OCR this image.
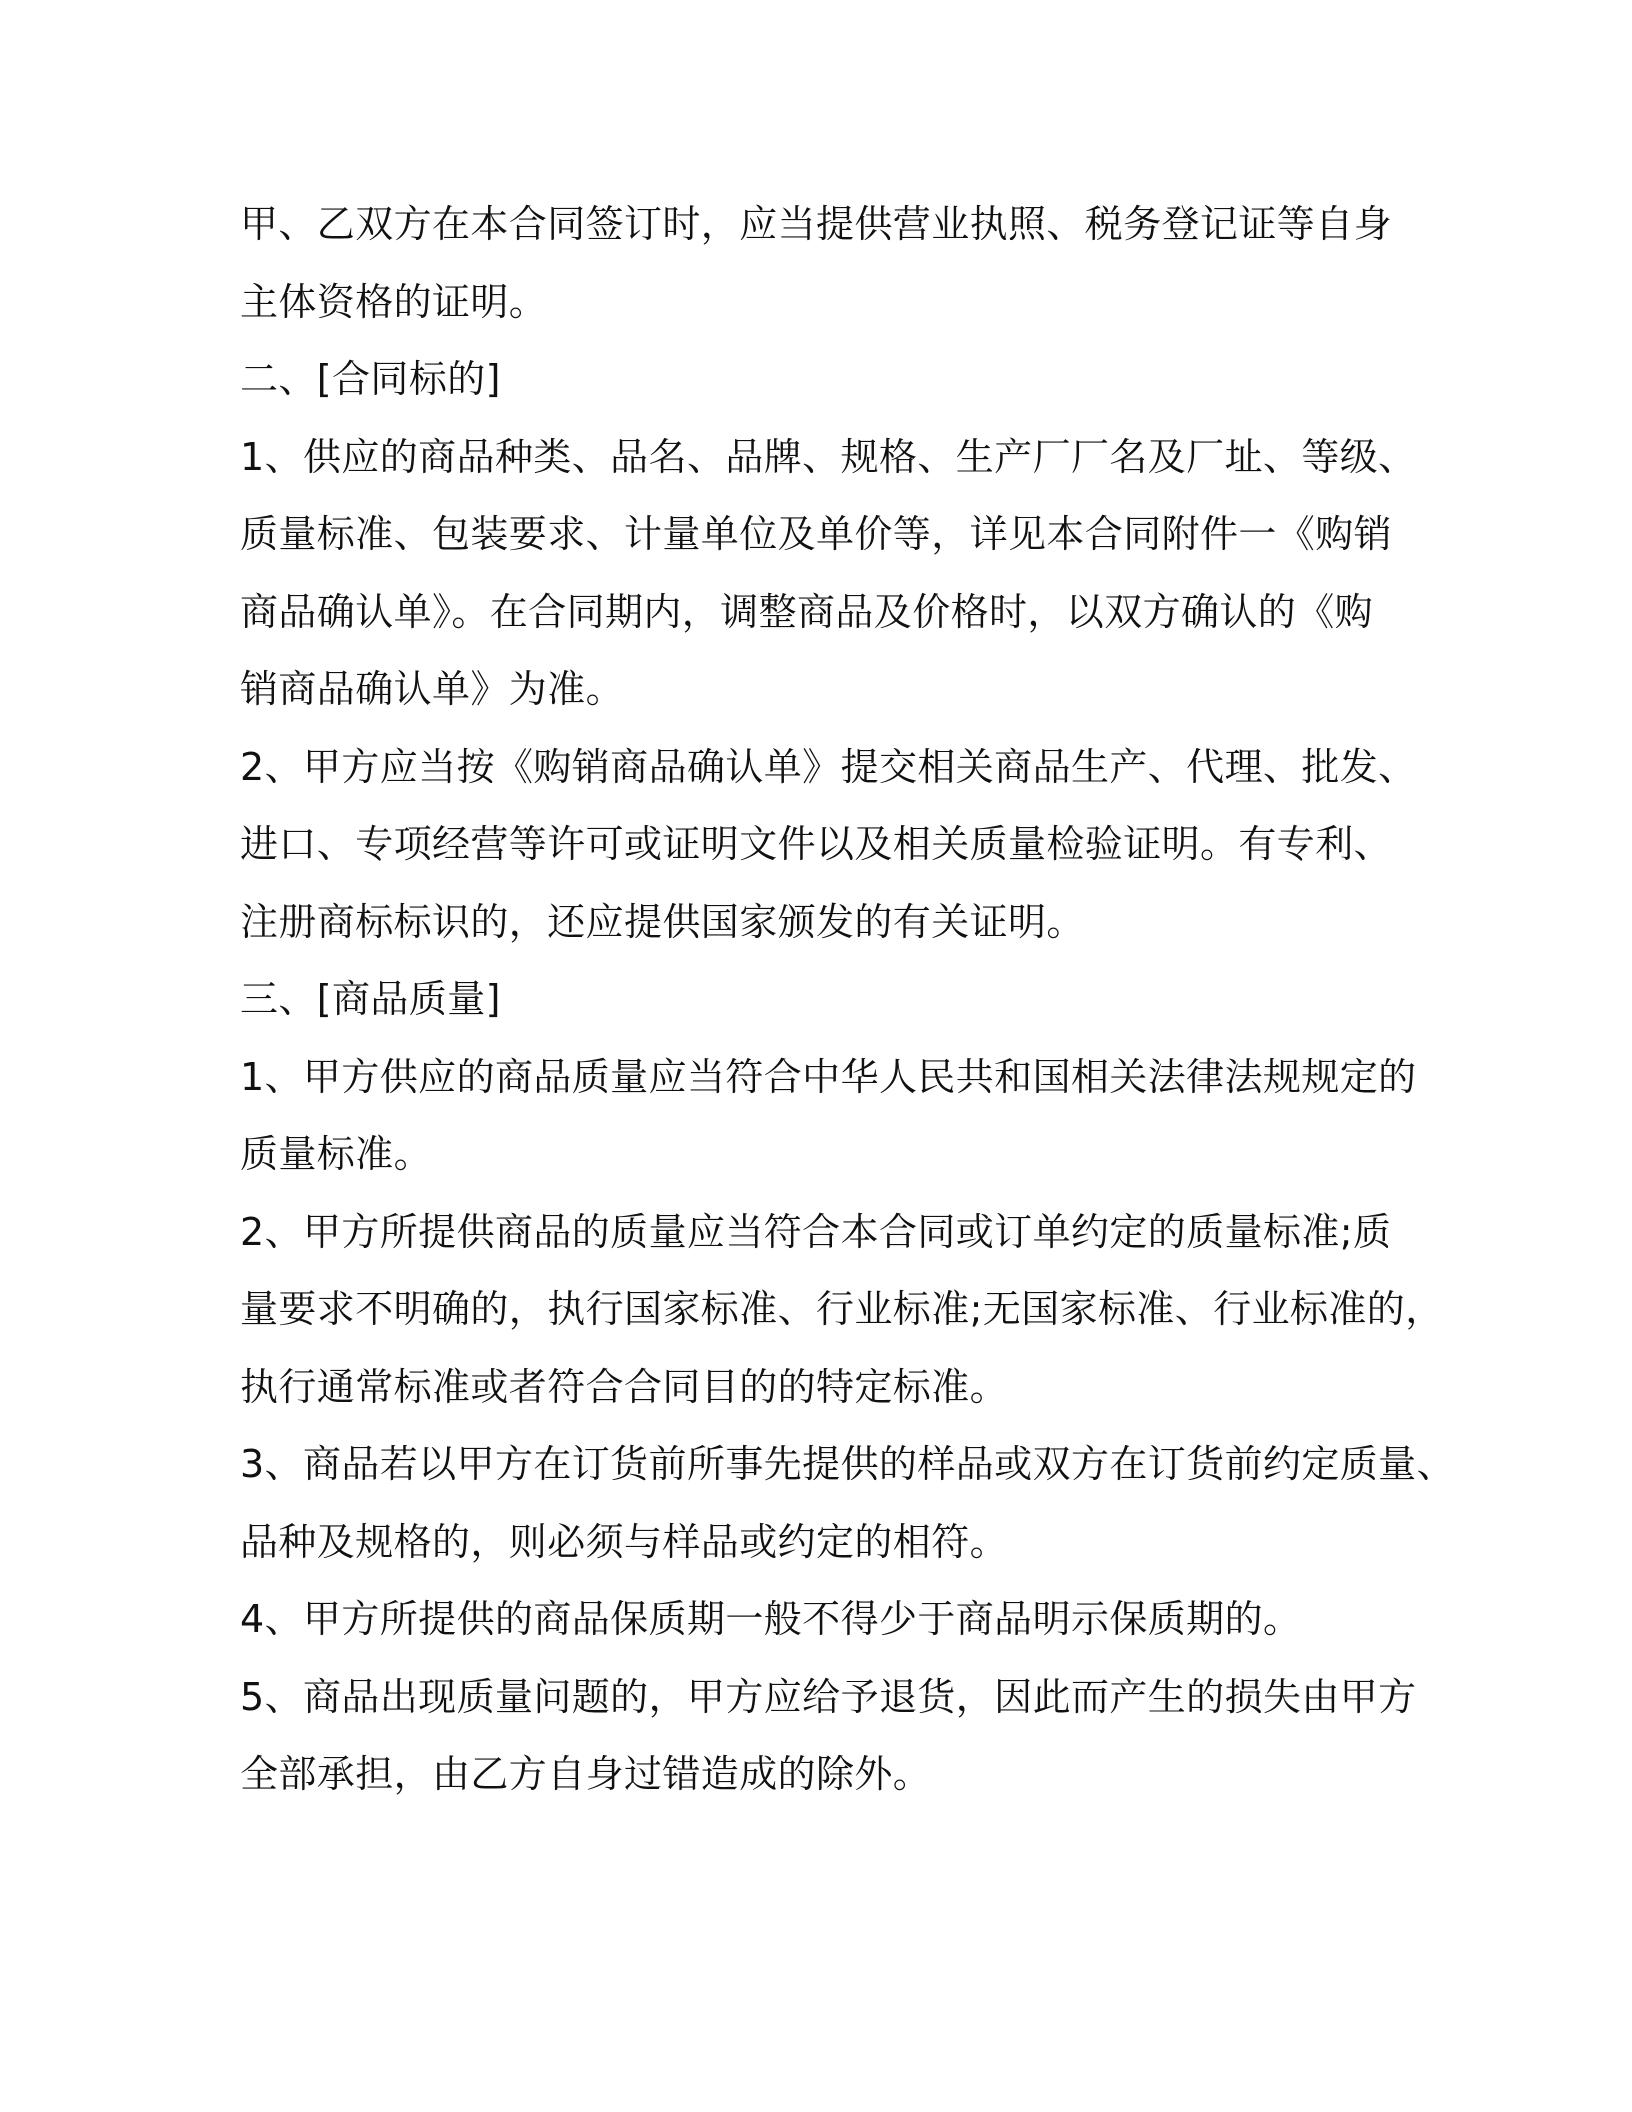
甲、乙双方在本合同签订时，应当提供营业执照、税务登记证等自身
主体资格的证明。
二、[合同标的]
1、供应的商品种类、品名、品牌、规格、生产厂厂名及厂址、等级、
质量标准、包装要求、计量单位及单价等，详见本合同附件一《购销
商品确认单》。在合同期内，调整商品及价格时，以双方确认的《购
销商品确认单》为准。
2、甲方应当按《购销商品确认单》提交相关商品生产、代理、批发、
进口、专项经营等许可或证明文件以及相关质量检验证明。有专利、
注册商标标识的，还应提供国家颁发的有关证明。
三、[商品质量]
1、甲方供应的商品质量应当符合中华人民共和国相关法律法规规定的
质量标准。
2、甲方所提供商品的质量应当符合本合同或订单约定的质量标准;质
量要求不明确的，执行国家标准、行业标准;无国家标准、行业标准的，
执行通常标准或者符合合同目的的特定标准。
3、商品若以甲方在订货前所事先提供的样品或双方在订货前约定质量、
品种及规格的，则必须与样品或约定的相符。
4、甲方所提供的商品保质期一般不得少于商品明示保质期的。
5、商品出现质量问题的，甲方应给予退货，因此而产生的损失由甲方
全部承担，由乙方自身过错造成的除外。
